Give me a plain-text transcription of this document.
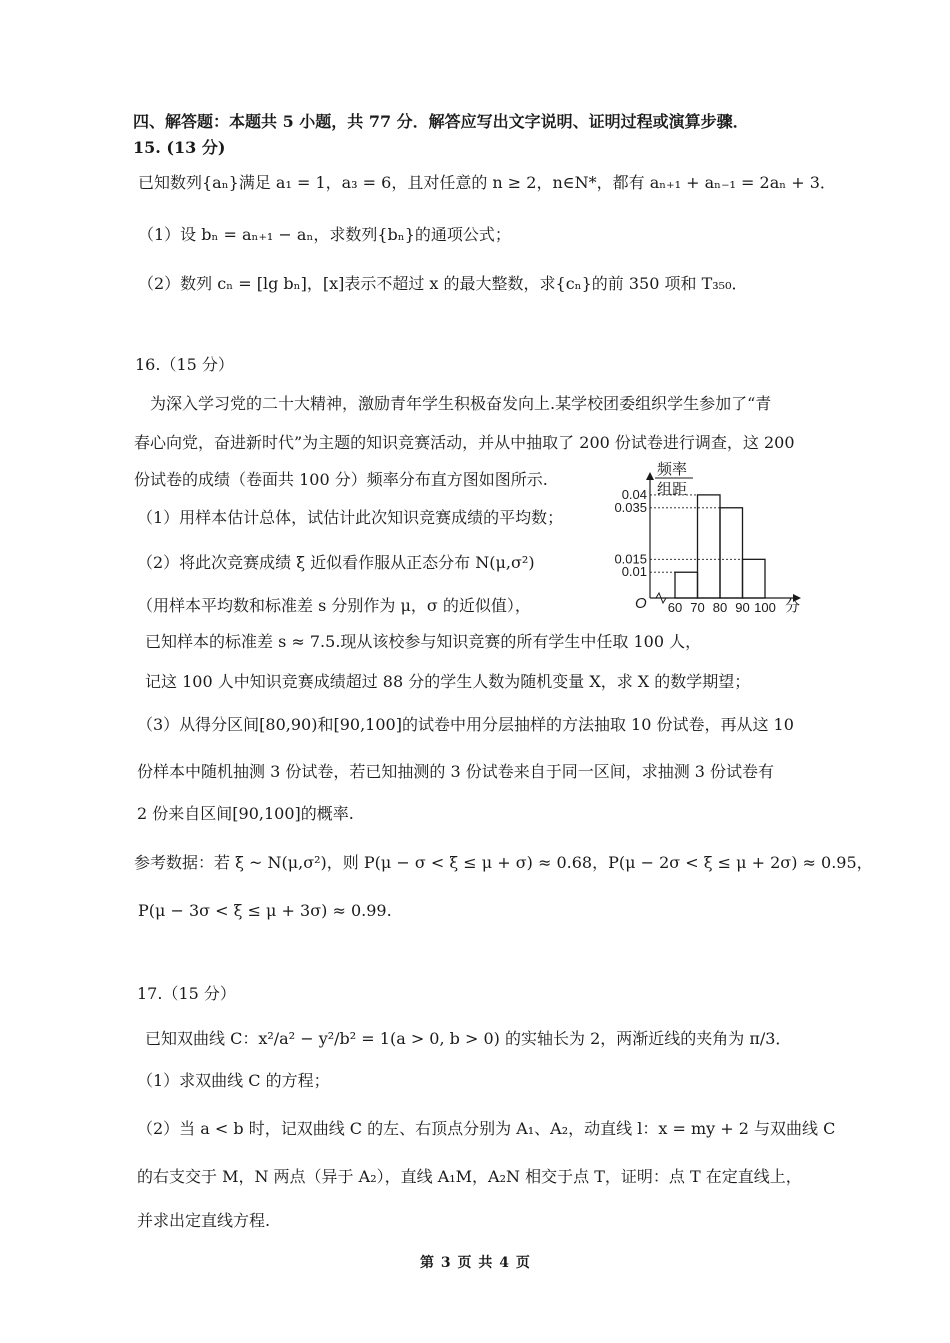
四、解答题：本题共 5 小题，共 77 分．解答应写出文字说明、证明过程或演算步骤．
15. (13 分)
已知数列{aₙ}满足 a₁ = 1，a₃ = 6，且对任意的 n ≥ 2，n∈N*，都有 aₙ₊₁ + aₙ₋₁ = 2aₙ + 3．
（1）设 bₙ = aₙ₊₁ − aₙ，求数列{bₙ}的通项公式；
（2）数列 cₙ = [lg bₙ]，[x]表示不超过 x 的最大整数，求{cₙ}的前 350 项和 T₃₅₀．
16.（15 分）
为深入学习党的二十大精神，激励青年学生积极奋发向上.某学校团委组织学生参加了“青
春心向党，奋进新时代”为主题的知识竞赛活动，并从中抽取了 200 份试卷进行调查，这 200
份试卷的成绩（卷面共 100 分）频率分布直方图如图所示.
（1）用样本估计总体，试估计此次知识竞赛成绩的平均数；
（2）将此次竞赛成绩 ξ 近似看作服从正态分布 N(μ,σ²)
（用样本平均数和标准差 s 分别作为 μ，σ 的近似值），
已知样本的标准差 s ≈ 7.5.现从该校参与知识竞赛的所有学生中任取 100 人，
记这 100 人中知识竞赛成绩超过 88 分的学生人数为随机变量 X，求 X 的数学期望；
（3）从得分区间[80,90)和[90,100]的试卷中用分层抽样的方法抽取 10 份试卷，再从这 10
份样本中随机抽测 3 份试卷，若已知抽测的 3 份试卷来自于同一区间，求抽测 3 份试卷有
2 份来自区间[90,100]的概率.
参考数据：若 ξ ~ N(μ,σ²)，则 P(μ − σ < ξ ≤ μ + σ) ≈ 0.68，P(μ − 2σ < ξ ≤ μ + 2σ) ≈ 0.95，
P(μ − 3σ < ξ ≤ μ + 3σ) ≈ 0.99.
频率
组距
0.04
0.035
0.015
0.01
60 70 80 90 100
O	分
17.（15 分）
已知双曲线 C：x²/a² − y²/b² = 1(a > 0, b > 0) 的实轴长为 2，两渐近线的夹角为 π/3．
（1）求双曲线 C 的方程；
（2）当 a < b 时，记双曲线 C 的左、右顶点分别为 A₁、A₂，动直线 l：x = my + 2 与双曲线 C
的右支交于 M，N 两点（异于 A₂），直线 A₁M，A₂N 相交于点 T，证明：点 T 在定直线上，
并求出定直线方程.
第 3 页 共 4 页
